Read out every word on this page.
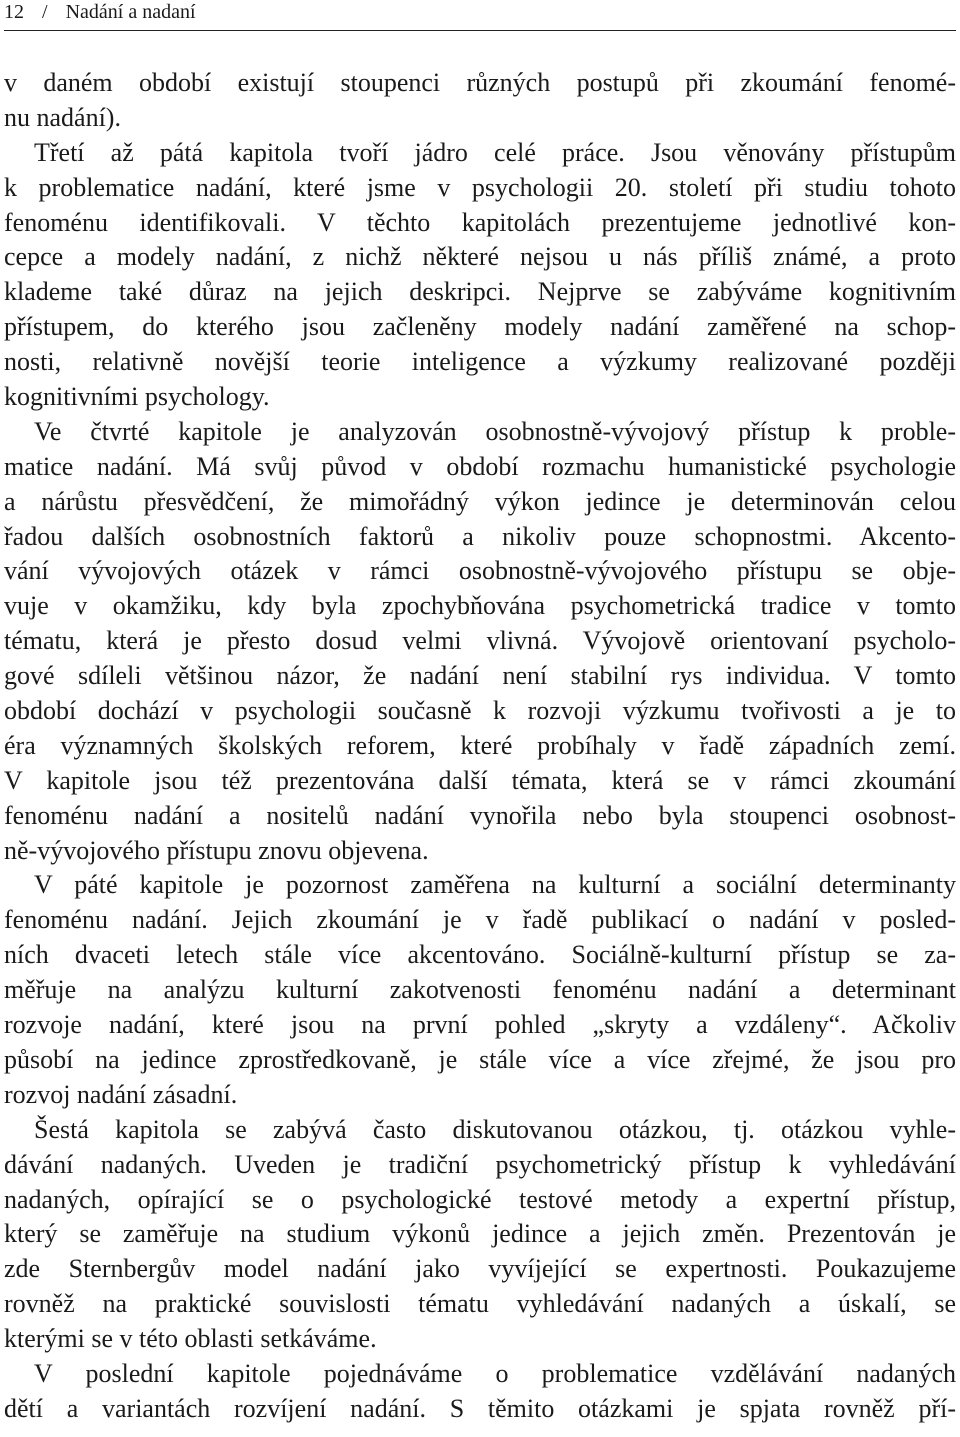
12 / Nadání a nadaní
v daném období existují stoupenci různých postupů při zkoumání fenomé-
nu nadání).
Třetí až pátá kapitola tvoří jádro celé práce. Jsou věnovány přístupům
k problematice nadání, které jsme v psychologii 20. století při studiu tohoto
fenoménu identifikovali. V těchto kapitolách prezentujeme jednotlivé kon-
cepce a modely nadání, z nichž některé nejsou u nás příliš známé, a proto
klademe také důraz na jejich deskripci. Nejprve se zabýváme kognitivním
přístupem, do kterého jsou začleněny modely nadání zaměřené na schop-
nosti, relativně novější teorie inteligence a výzkumy realizované později
kognitivními psychology.
Ve čtvrté kapitole je analyzován osobnostně-vývojový přístup k proble-
matice nadání. Má svůj původ v období rozmachu humanistické psychologie
a nárůstu přesvědčení, že mimořádný výkon jedince je determinován celou
řadou dalších osobnostních faktorů a nikoliv pouze schopnostmi. Akcento-
vání vývojových otázek v rámci osobnostně-vývojového přístupu se obje-
vuje v okamžiku, kdy byla zpochybňována psychometrická tradice v tomto
tématu, která je přesto dosud velmi vlivná. Vývojově orientovaní psycholo-
gové sdíleli většinou názor, že nadání není stabilní rys individua. V tomto
období dochází v psychologii současně k rozvoji výzkumu tvořivosti a je to
éra významných školských reforem, které probíhaly v řadě západních zemí.
V kapitole jsou též prezentována další témata, která se v rámci zkoumání
fenoménu nadání a nositelů nadání vynořila nebo byla stoupenci osobnost-
ně-vývojového přístupu znovu objevena.
V páté kapitole je pozornost zaměřena na kulturní a sociální determinanty
fenoménu nadání. Jejich zkoumání je v řadě publikací o nadání v posled-
ních dvaceti letech stále více akcentováno. Sociálně-kulturní přístup se za-
měřuje na analýzu kulturní zakotvenosti fenoménu nadání a determinant
rozvoje nadání, které jsou na první pohled „skryty a vzdáleny“. Ačkoliv
působí na jedince zprostředkovaně, je stále více a více zřejmé, že jsou pro
rozvoj nadání zásadní.
Šestá kapitola se zabývá často diskutovanou otázkou, tj. otázkou vyhle-
dávání nadaných. Uveden je tradiční psychometrický přístup k vyhledávání
nadaných, opírající se o psychologické testové metody a expertní přístup,
který se zaměřuje na studium výkonů jedince a jejich změn. Prezentován je
zde Sternbergův model nadání jako vyvíjející se expertnosti. Poukazujeme
rovněž na praktické souvislosti tématu vyhledávání nadaných a úskalí, se
kterými se v této oblasti setkáváme.
V poslední kapitole pojednáváme o problematice vzdělávání nadaných
dětí a variantách rozvíjení nadání. S těmito otázkami je spjata rovněž pří-
